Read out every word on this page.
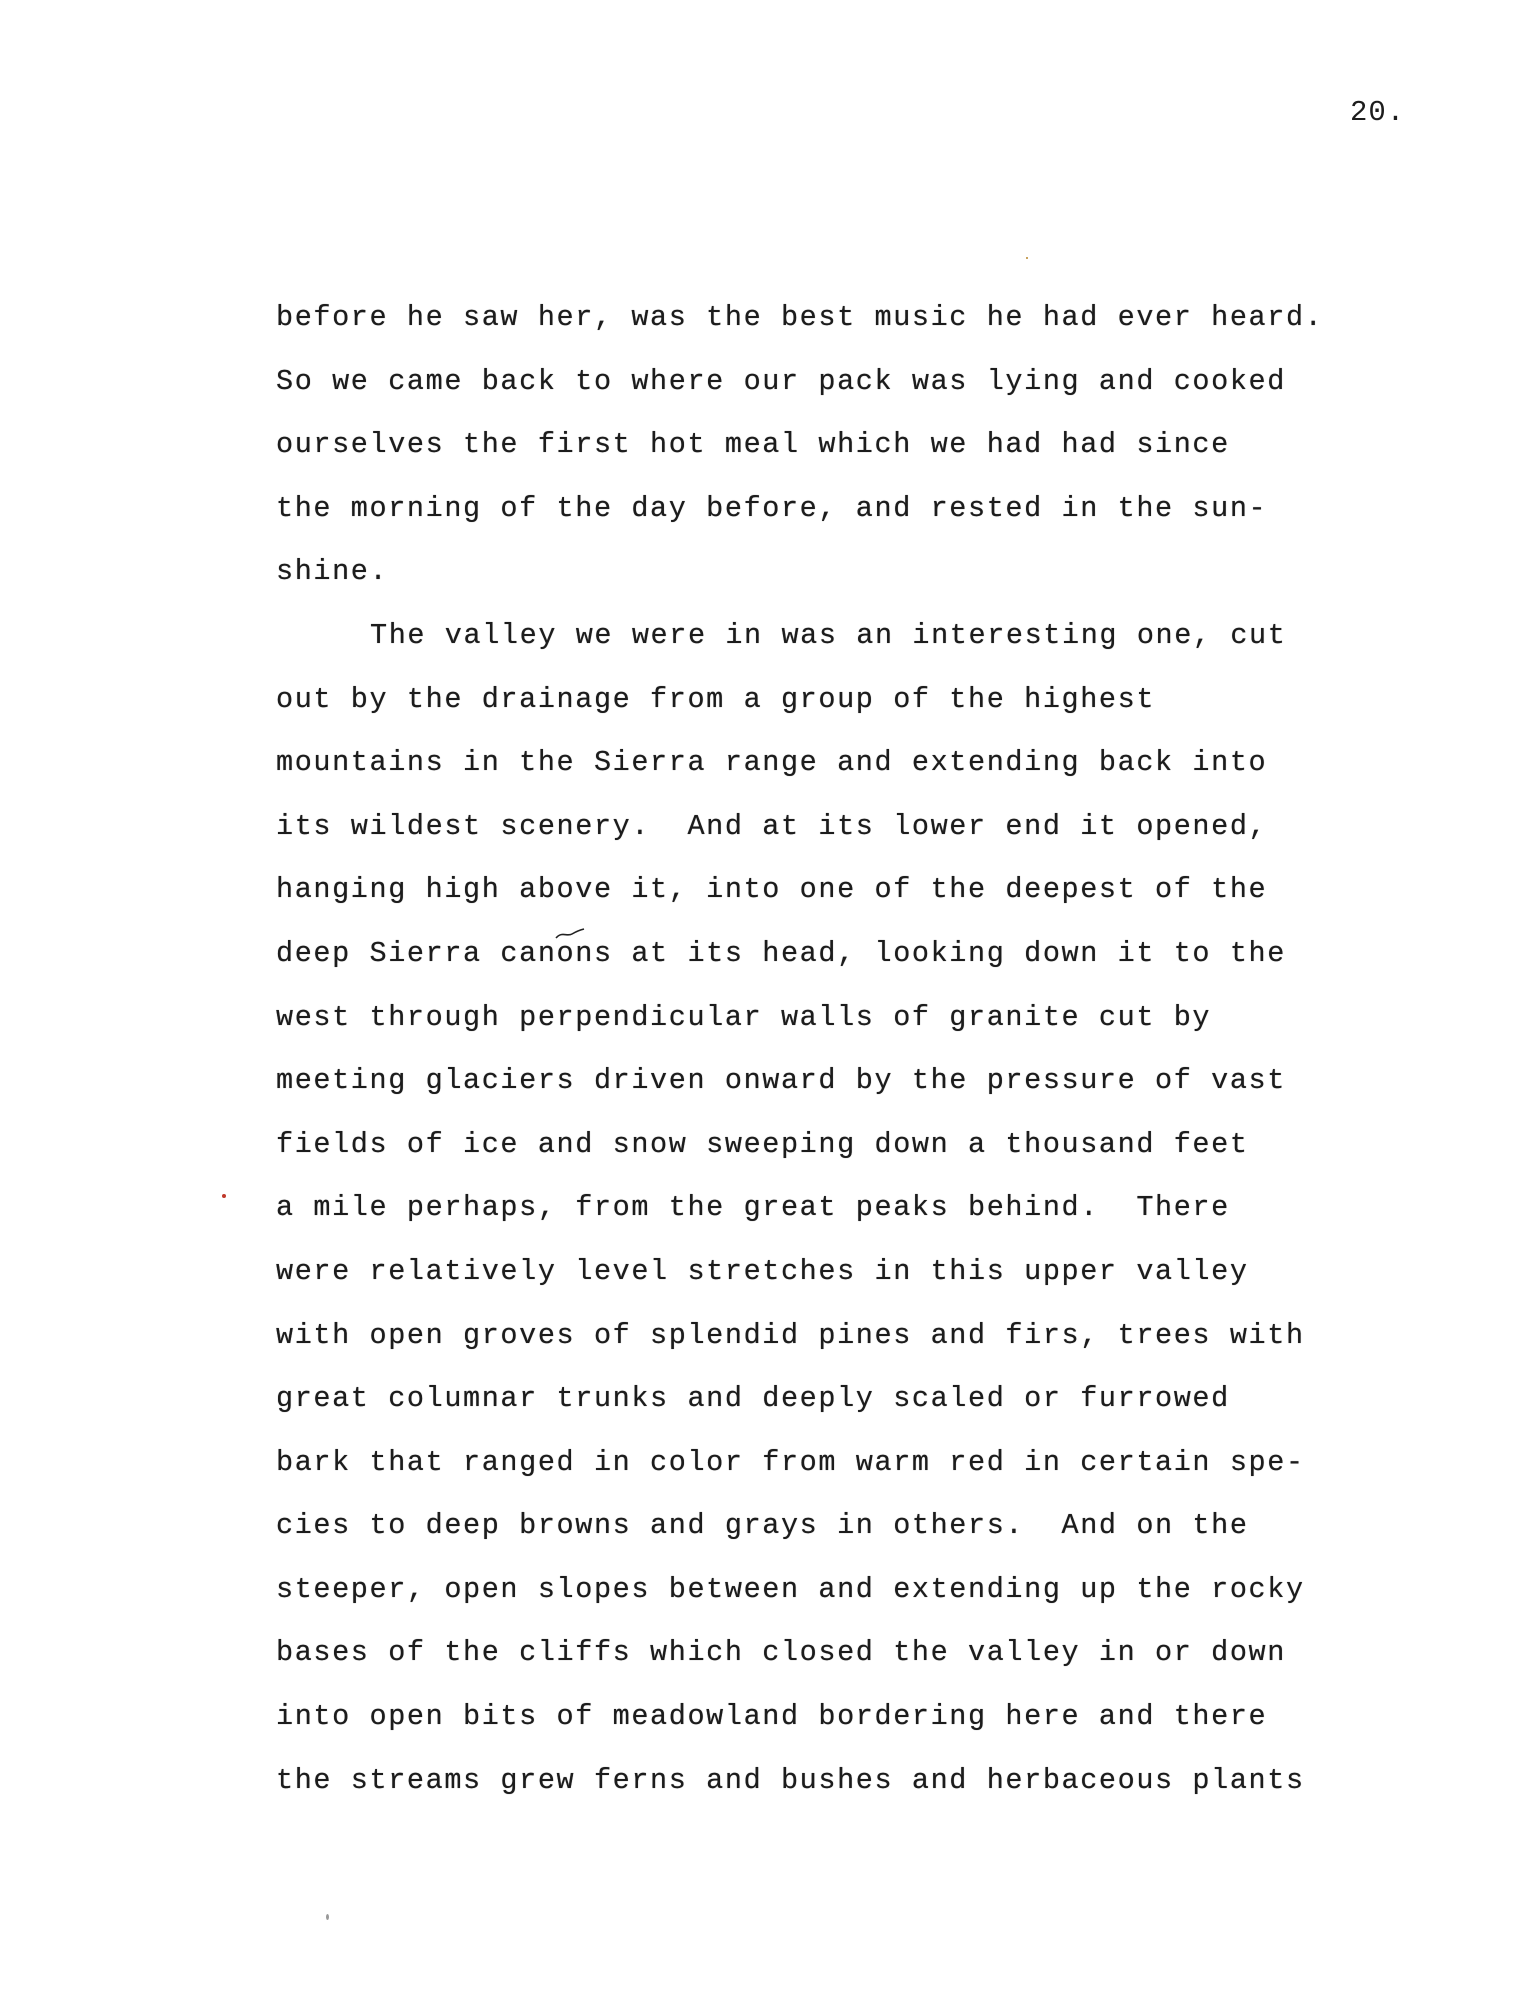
20.
before he saw her, was the best music he had ever heard.
So we came back to where our pack was lying and cooked
ourselves the first hot meal which we had had since
the morning of the day before, and rested in the sun-
shine.
The valley we were in was an interesting one, cut
out by the drainage from a group of the highest
mountains in the Sierra range and extending back into
its wildest scenery.  And at its lower end it opened,
hanging high above it, into one of the deepest of the
deep Sierra canons at its head, looking down it to the
west through perpendicular walls of granite cut by
meeting glaciers driven onward by the pressure of vast
fields of ice and snow sweeping down a thousand feet
a mile perhaps, from the great peaks behind.  There
were relatively level stretches in this upper valley
with open groves of splendid pines and firs, trees with
great columnar trunks and deeply scaled or furrowed
bark that ranged in color from warm red in certain spe-
cies to deep browns and grays in others.  And on the
steeper, open slopes between and extending up the rocky
bases of the cliffs which closed the valley in or down
into open bits of meadowland bordering here and there
the streams grew ferns and bushes and herbaceous plants
